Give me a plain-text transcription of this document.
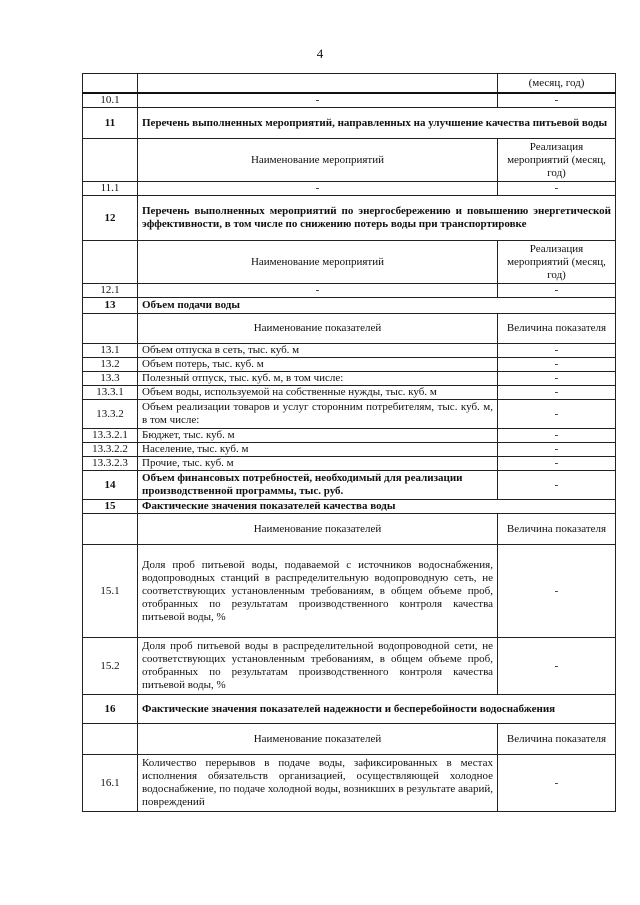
4
		(месяц, год)
10.1	-	-
11	Перечень выполненных мероприятий, направленных на улучшение качества питьевой воды	
	Наименование мероприятий	Реализация мероприятий (месяц, год)
11.1	-	-
12	Перечень выполненных мероприятий по энергосбережению и повышению энергетической эффективности, в том числе по снижению потерь воды при транспортировке	
	Наименование мероприятий	Реализация мероприятий (месяц, год)
12.1	-	-
13	Объем подачи воды	
	Наименование показателей	Величина показателя
13.1	Объем отпуска в сеть, тыс. куб. м	-
13.2	Объем потерь, тыс. куб. м	-
13.3	Полезный отпуск, тыс. куб. м, в том числе:	-
13.3.1	Объем воды, используемой на собственные нужды, тыс. куб. м	-
13.3.2	Объем реализации товаров и услуг сторонним потребителям, тыс. куб. м, в том числе:	-
13.3.2.1	Бюджет, тыс. куб. м	-
13.3.2.2	Население, тыс. куб. м	-
13.3.2.3	Прочие, тыс. куб. м	-
14	Объем финансовых потребностей, необходимый для реализации производственной программы, тыс. руб.	-
15	Фактические значения показателей качества воды	
	Наименование показателей	Величина показателя
15.1	Доля проб питьевой воды, подаваемой с источников водоснабжения, водопроводных станций в распределительную водопроводную сеть, не соответствующих установленным требованиям, в общем объеме проб, отобранных по результатам производственного контроля качества питьевой воды, %	-
15.2	Доля проб питьевой воды в распределительной водопроводной сети, не соответствующих установленным требованиям, в общем объеме проб, отобранных по результатам производственного контроля качества питьевой воды, %	-
16	Фактические значения показателей надежности и бесперебойности водоснабжения	
	Наименование показателей	Величина показателя
16.1	Количество перерывов в подаче воды, зафиксированных в местах исполнения обязательств организацией, осуществляющей холодное водоснабжение, по подаче холодной воды, возникших в результате аварий, повреждений	-
